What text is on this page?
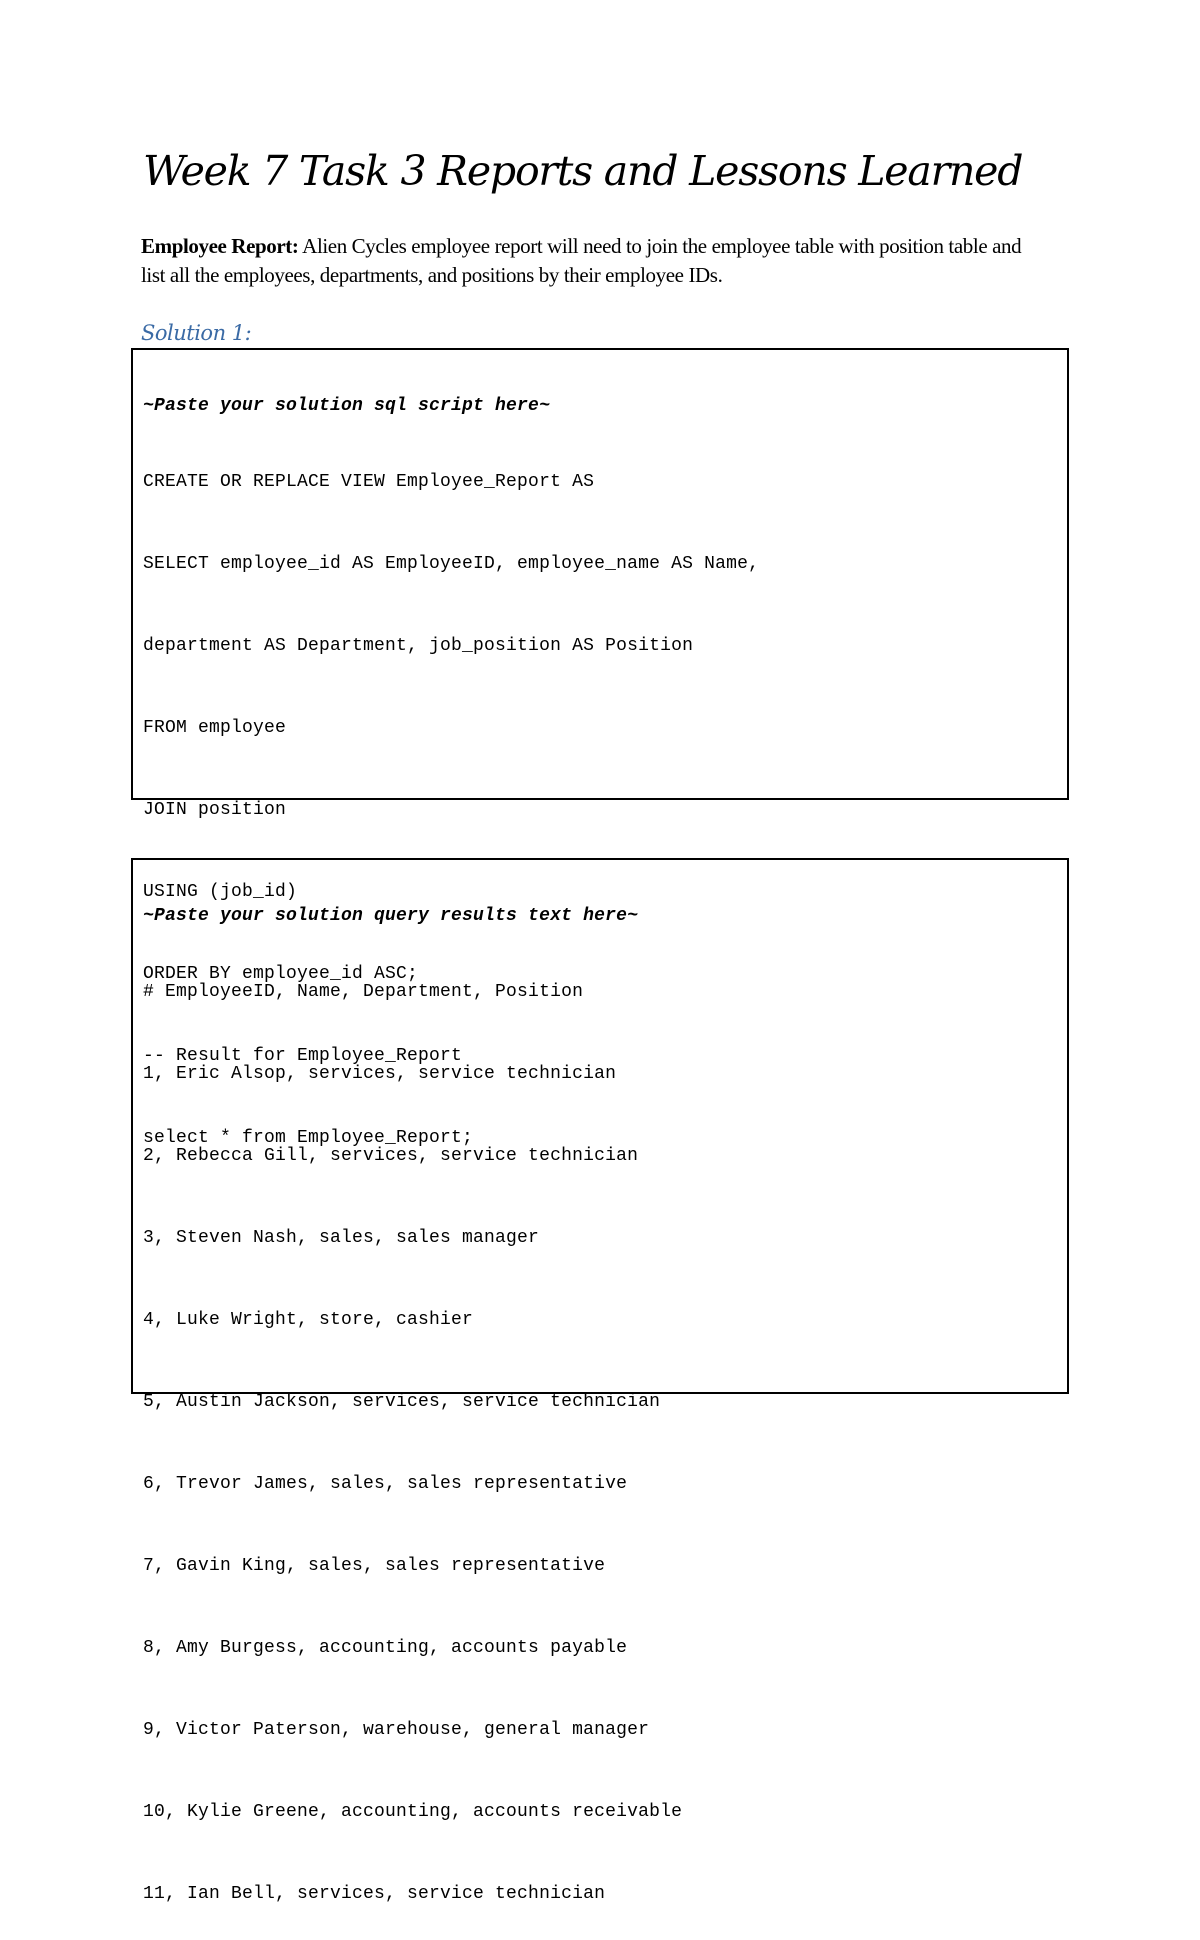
Week 7 Task 3 Reports and Lessons Learned

Employee Report: Alien Cycles employee report will need to join the employee table with position table and list all the employees, departments, and positions by their employee IDs.

Solution 1:

~Paste your solution sql script here~

CREATE OR REPLACE VIEW Employee_Report AS

SELECT employee_id AS EmployeeID, employee_name AS Name,

department AS Department, job_position AS Position

FROM employee

JOIN position

USING (job_id)

ORDER BY employee_id ASC;

-- Result for Employee_Report

select * from Employee_Report;

~Paste your solution query results text here~

# EmployeeID, Name, Department, Position

1, Eric Alsop, services, service technician

2, Rebecca Gill, services, service technician

3, Steven Nash, sales, sales manager

4, Luke Wright, store, cashier

5, Austin Jackson, services, service technician

6, Trevor James, sales, sales representative

7, Gavin King, sales, sales representative

8, Amy Burgess, accounting, accounts payable

9, Victor Paterson, warehouse, general manager

10, Kylie Greene, accounting, accounts receivable

11, Ian Bell, services, service technician
